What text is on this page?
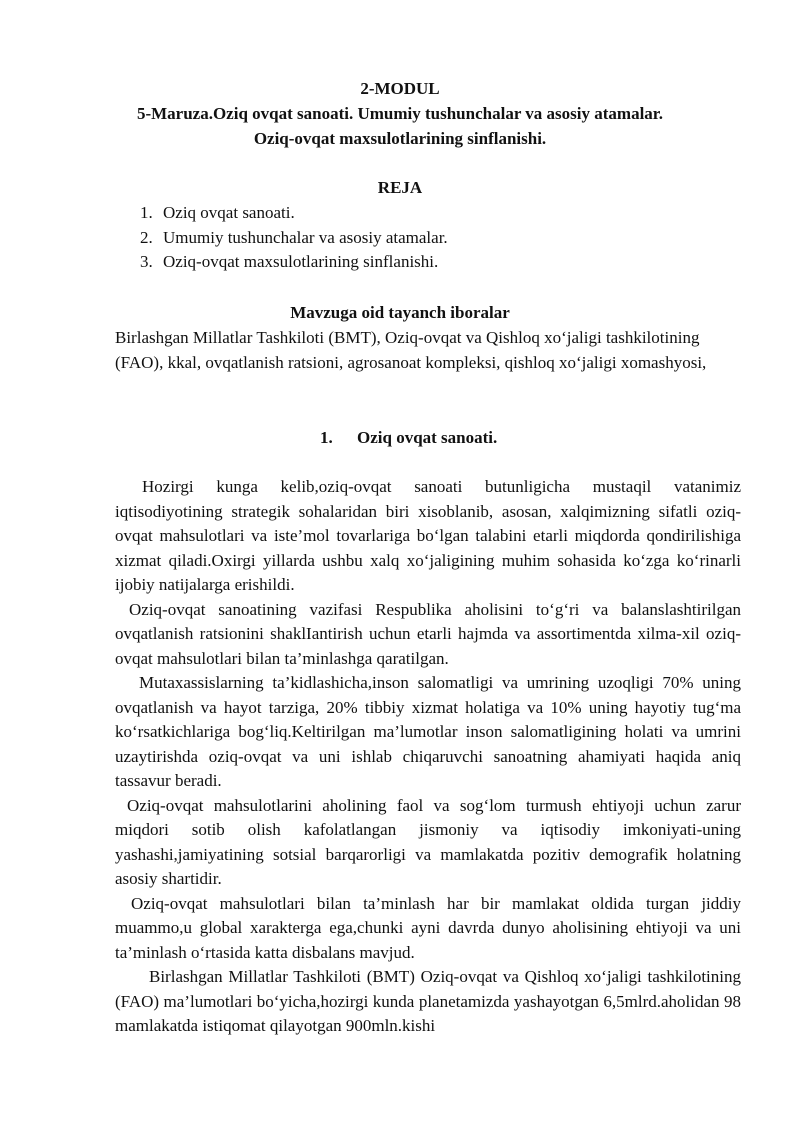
2-MODUL
5-Maruza.Oziq ovqat sanoati. Umumiy tushunchalar va asosiy atamalar.
Oziq-ovqat maxsulotlarining sinflanishi.
REJA
1. Oziq ovqat sanoati.
2. Umumiy tushunchalar va asosiy atamalar.
3. Oziq-ovqat maxsulotlarining sinflanishi.
Mavzuga oid tayanch iboralar
Birlashgan Millatlar Tashkiloti (BMT), Oziq-ovqat va Qishloq xo‘jaligi tashkilotining (FAO), kkal, ovqatlanish ratsioni, agrosanoat kompleksi, qishloq xo‘jaligi xomashyosi,
1. Oziq ovqat sanoati.

Hozirgi kunga kelib,oziq-ovqat sanoati butunligicha mustaqil vatanimiz iqtisodiyotining strategik sohalaridan biri xisoblanib, asosan, xalqimizning sifatli oziq-ovqat mahsulotlari va iste’mol tovarlariga bo‘lgan talabini etarli miqdorda qondirilishiga xizmat qiladi.Oxirgi yillarda ushbu xalq xo‘jaligining muhim sohasida ko‘zga ko‘rinarli ijobiy natijalarga erishildi.

Oziq-ovqat sanoatining vazifasi Respublika aholisini to‘g‘ri va balanslashtirilgan ovqatlanish ratsionini shaklIantirish uchun etarli hajmda va assortimentda xilma-xil oziq-ovqat mahsulotlari bilan ta’minlashga qaratilgan.

Mutaxassislarning ta’kidlashicha,inson salomatligi va umrining uzoqligi 70% uning ovqatlanish va hayot tarziga, 20% tibbiy xizmat holatiga va 10% uning hayotiy tug‘ma ko‘rsatkichlariga bog‘liq.Keltirilgan ma’lumotlar inson salomatligining holati va umrini uzaytirishda oziq-ovqat va uni ishlab chiqaruvchi sanoatning ahamiyati haqida aniq tassavur beradi.

Oziq-ovqat mahsulotlarini aholining faol va sog‘lom turmush ehtiyoji uchun zarur miqdori sotib olish kafolatlangan jismoniy va iqtisodiy imkoniyati-uning yashashi,jamiyatining sotsial barqarorligi va mamlakatda pozitiv demografik holatning asosiy shartidir.

Oziq-ovqat mahsulotlari bilan ta’minlash har bir mamlakat oldida turgan jiddiy muammo,u global xarakterga ega,chunki ayni davrda dunyo aholisining ehtiyoji va uni ta’minlash o‘rtasida katta disbalans mavjud.

Birlashgan Millatlar Tashkiloti (BMT) Oziq-ovqat va Qishloq xo‘jaligi tashkilotining (FAO) ma’lumotlari bo‘yicha,hozirgi kunda planetamizda yashayotgan 6,5mlrd.aholidan 98 mamlakatda istiqomat qilayotgan 900mln.kishi
